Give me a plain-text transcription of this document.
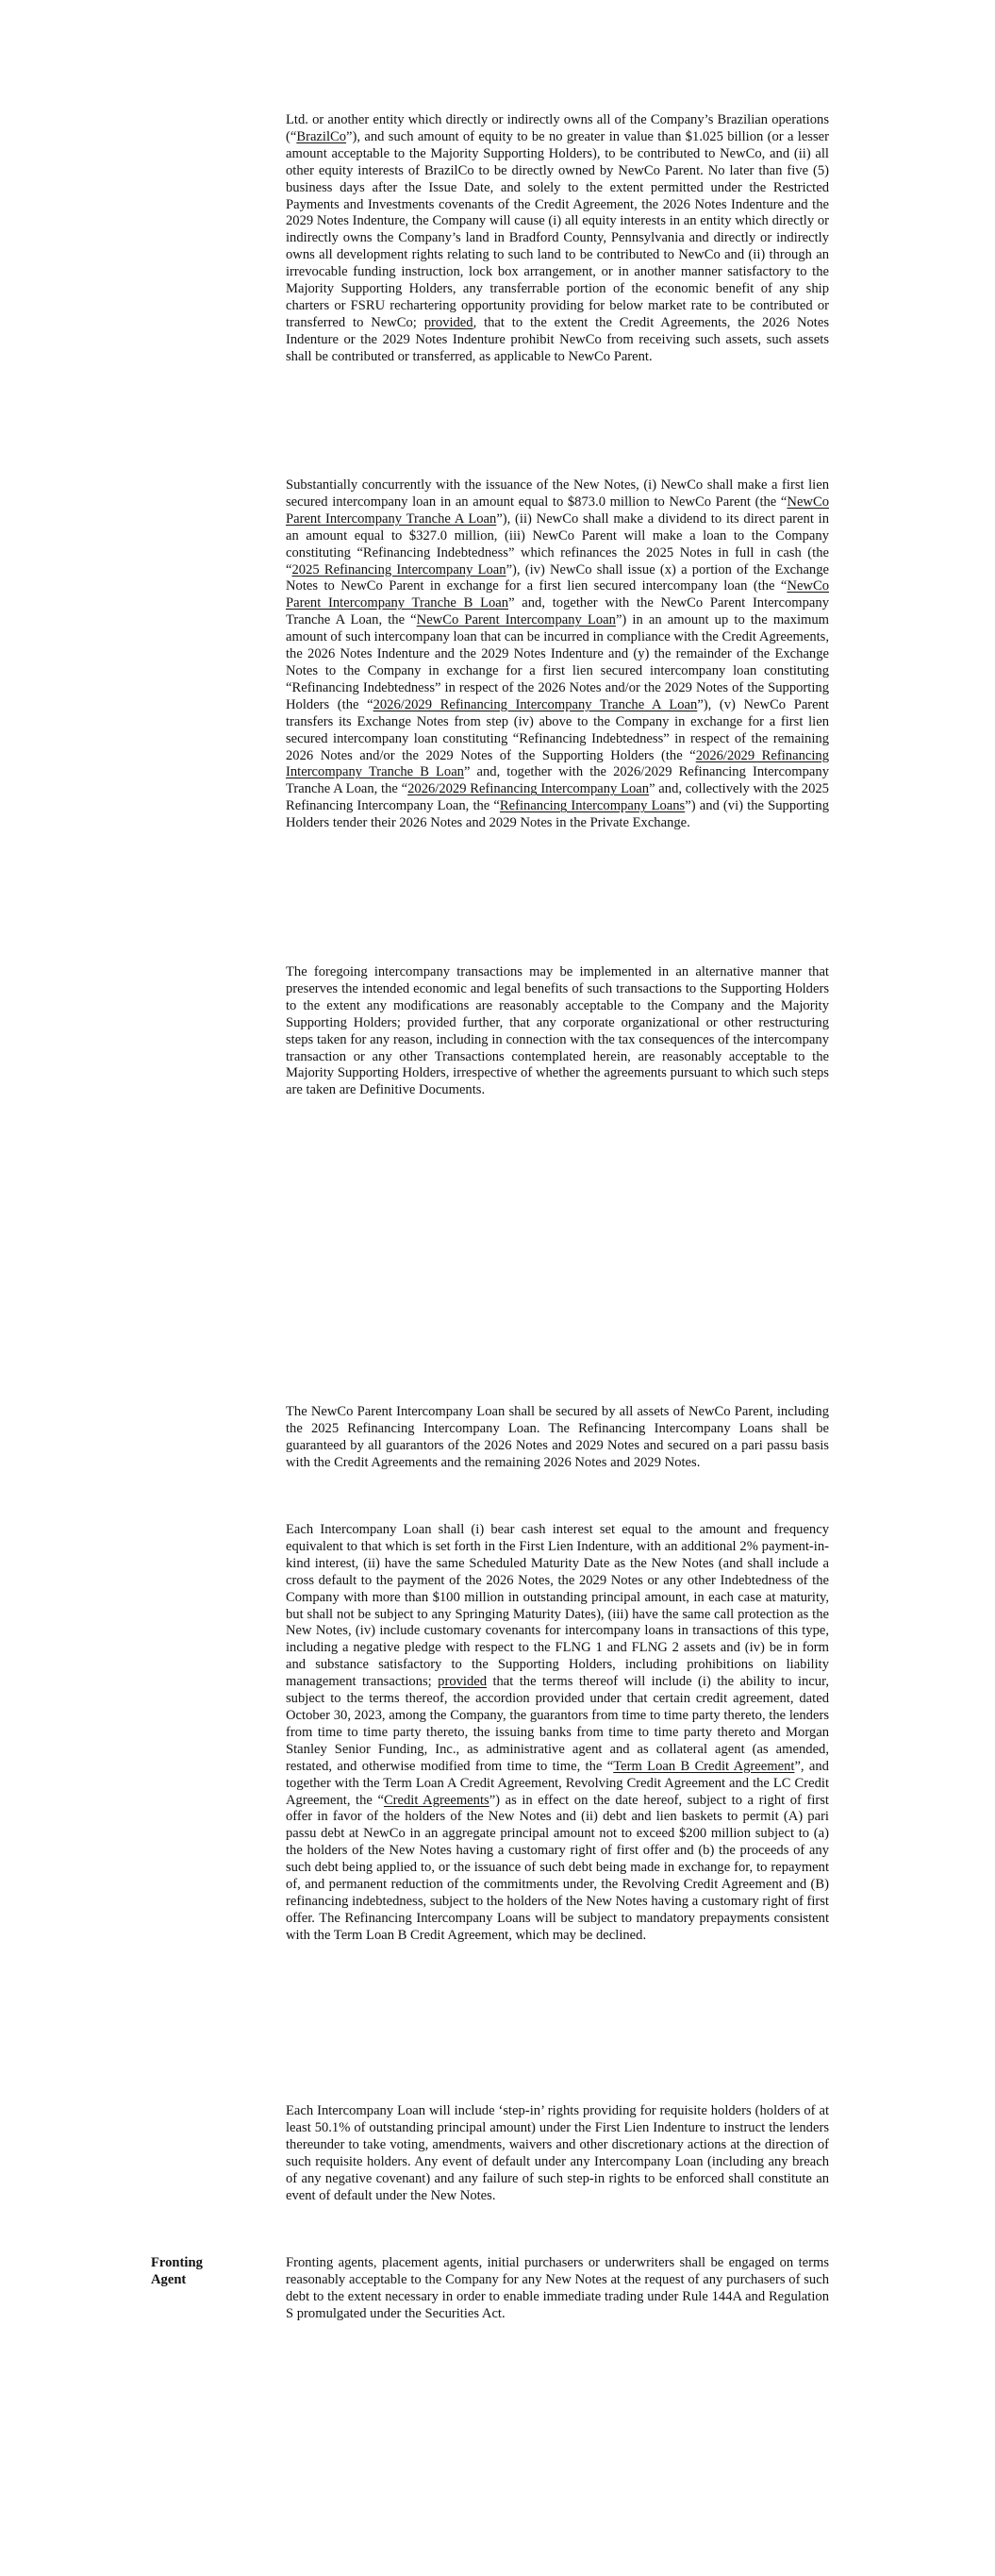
Ltd. or another entity which directly or indirectly owns all of the Company’s Brazilian operations (“BrazilCo”), and such amount of equity to be no greater in value than $1.025 billion (or a lesser amount acceptable to the Majority Supporting Holders), to be contributed to NewCo, and (ii) all other equity interests of BrazilCo to be directly owned by NewCo Parent. No later than five (5) business days after the Issue Date, and solely to the extent permitted under the Restricted Payments and Investments covenants of the Credit Agreement, the 2026 Notes Indenture and the 2029 Notes Indenture, the Company will cause (i) all equity interests in an entity which directly or indirectly owns the Company’s land in Bradford County, Pennsylvania and directly or indirectly owns all development rights relating to such land to be contributed to NewCo and (ii) through an irrevocable funding instruction, lock box arrangement, or in another manner satisfactory to the Majority Supporting Holders, any transferrable portion of the economic benefit of any ship charters or FSRU rechartering opportunity providing for below market rate to be contributed or transferred to NewCo; provided, that to the extent the Credit Agreements, the 2026 Notes Indenture or the 2029 Notes Indenture prohibit NewCo from receiving such assets, such assets shall be contributed or transferred, as applicable to NewCo Parent.

Substantially concurrently with the issuance of the New Notes, (i) NewCo shall make a first lien secured intercompany loan in an amount equal to $873.0 million to NewCo Parent (the “NewCo Parent Intercompany Tranche A Loan”), (ii) NewCo shall make a dividend to its direct parent in an amount equal to $327.0 million, (iii) NewCo Parent will make a loan to the Company constituting “Refinancing Indebtedness” which refinances the 2025 Notes in full in cash (the “2025 Refinancing Intercompany Loan”), (iv) NewCo shall issue (x) a portion of the Exchange Notes to NewCo Parent in exchange for a first lien secured intercompany loan (the “NewCo Parent Intercompany Tranche B Loan” and, together with the NewCo Parent Intercompany Tranche A Loan, the “NewCo Parent Intercompany Loan”) in an amount up to the maximum amount of such intercompany loan that can be incurred in compliance with the Credit Agreements, the 2026 Notes Indenture and the 2029 Notes Indenture and (y) the remainder of the Exchange Notes to the Company in exchange for a first lien secured intercompany loan constituting “Refinancing Indebtedness” in respect of the 2026 Notes and/or the 2029 Notes of the Supporting Holders (the “2026/2029 Refinancing Intercompany Tranche A Loan”), (v) NewCo Parent transfers its Exchange Notes from step (iv) above to the Company in exchange for a first lien secured intercompany loan constituting “Refinancing Indebtedness” in respect of the remaining 2026 Notes and/or the 2029 Notes of the Supporting Holders (the “2026/2029 Refinancing Intercompany Tranche B Loan” and, together with the 2026/2029 Refinancing Intercompany Tranche A Loan, the “2026/2029 Refinancing Intercompany Loan” and, collectively with the 2025 Refinancing Intercompany Loan, the “Refinancing Intercompany Loans”) and (vi) the Supporting Holders tender their 2026 Notes and 2029 Notes in the Private Exchange.

The foregoing intercompany transactions may be implemented in an alternative manner that preserves the intended economic and legal benefits of such transactions to the Supporting Holders to the extent any modifications are reasonably acceptable to the Company and the Majority Supporting Holders; provided further, that any corporate organizational or other restructuring steps taken for any reason, including in connection with the tax consequences of the intercompany transaction or any other Transactions contemplated herein, are reasonably acceptable to the Majority Supporting Holders, irrespective of whether the agreements pursuant to which such steps are taken are Definitive Documents.

The NewCo Parent Intercompany Loan shall be secured by all assets of NewCo Parent, including the 2025 Refinancing Intercompany Loan. The Refinancing Intercompany Loans shall be guaranteed by all guarantors of the 2026 Notes and 2029 Notes and secured on a pari passu basis with the Credit Agreements and the remaining 2026 Notes and 2029 Notes.

Each Intercompany Loan shall (i) bear cash interest set equal to the amount and frequency equivalent to that which is set forth in the First Lien Indenture, with an additional 2% payment-in-kind interest, (ii) have the same Scheduled Maturity Date as the New Notes (and shall include a cross default to the payment of the 2026 Notes, the 2029 Notes or any other Indebtedness of the Company with more than $100 million in outstanding principal amount, in each case at maturity, but shall not be subject to any Springing Maturity Dates), (iii) have the same call protection as the New Notes, (iv) include customary covenants for intercompany loans in transactions of this type, including a negative pledge with respect to the FLNG 1 and FLNG 2 assets and (iv) be in form and substance satisfactory to the Supporting Holders, including prohibitions on liability management transactions; provided that the terms thereof will include (i) the ability to incur, subject to the terms thereof, the accordion provided under that certain credit agreement, dated October 30, 2023, among the Company, the guarantors from time to time party thereto, the lenders from time to time party thereto, the issuing banks from time to time party thereto and Morgan Stanley Senior Funding, Inc., as administrative agent and as collateral agent (as amended, restated, and otherwise modified from time to time, the “Term Loan B Credit Agreement”, and together with the Term Loan A Credit Agreement, Revolving Credit Agreement and the LC Credit Agreement, the “Credit Agreements”) as in effect on the date hereof, subject to a right of first offer in favor of the holders of the New Notes and (ii) debt and lien baskets to permit (A) pari passu debt at NewCo in an aggregate principal amount not to exceed $200 million subject to (a) the holders of the New Notes having a customary right of first offer and (b) the proceeds of any such debt being applied to, or the issuance of such debt being made in exchange for, to repayment of, and permanent reduction of the commitments under, the Revolving Credit Agreement and (B) refinancing indebtedness, subject to the holders of the New Notes having a customary right of first offer. The Refinancing Intercompany Loans will be subject to mandatory prepayments consistent with the Term Loan B Credit Agreement, which may be declined.

Each Intercompany Loan will include ‘step-in’ rights providing for requisite holders (holders of at least 50.1% of outstanding principal amount) under the First Lien Indenture to instruct the lenders thereunder to take voting, amendments, waivers and other discretionary actions at the direction of such requisite holders. Any event of default under any Intercompany Loan (including any breach of any negative covenant) and any failure of such step-in rights to be enforced shall constitute an event of default under the New Notes.

Fronting
Agent

Fronting agents, placement agents, initial purchasers or underwriters shall be engaged on terms reasonably acceptable to the Company for any New Notes at the request of any purchasers of such debt to the extent necessary in order to enable immediate trading under Rule 144A and Regulation S promulgated under the Securities Act.
